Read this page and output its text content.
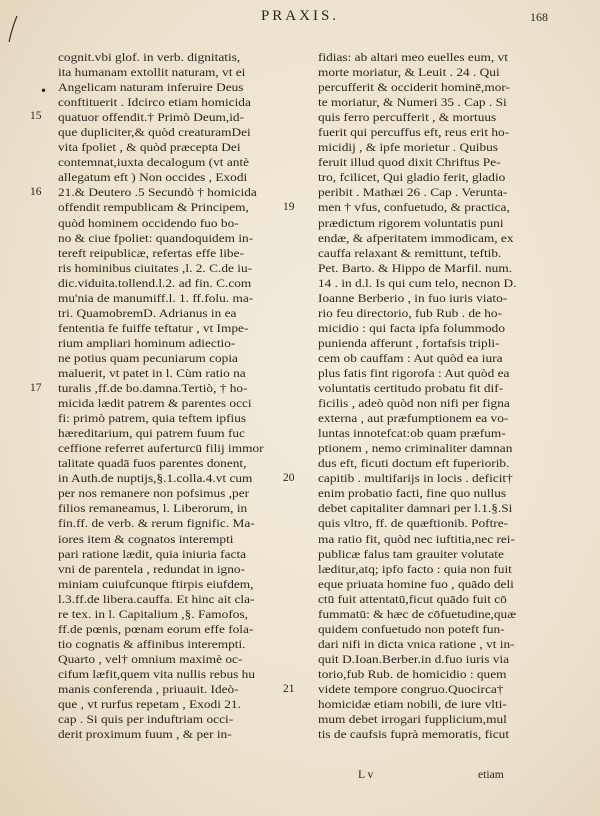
PRAXIS.	168
•
15
16
17
19
20
21
cognit.vbi glof. in verb. dignitatis,
ita humanam extollit naturam, vt ei
Angelicam naturam inferuire Deus
conftituerit . Idcirco etiam homicida
quatuor offendit.† Primò Deum,id-
que dupliciter,& quòd creaturamDei
vita fpoliet , & quòd præcepta Dei
contemnat,iuxta decalogum (vt antè
allegatum eft ) Non occides , Exodi
21.& Deutero .5 Secundò † homicida
offendit rempublicam & Principem,
quòd hominem occidendo fuo bo-
no & ciue fpoliet: quandoquidem in-
tereft reipublicæ, refertas effe libe-
ris hominibus ciuitates ,l. 2. C.de iu-
dic.viduita.tollend.l.2. ad fin. C.com
mu'nia de manumiff.l. 1. ff.folu. ma-
tri. QuamobremD. Adrianus in ea
fententia fe fuiffe teftatur , vt Impe-
rium ampliari hominum adiectio-
ne potius quam pecuniarum copia
maluerit, vt patet in l. Cùm ratio na
turalis ,ff.de bo.damna.Tertiò, † ho-
micida lædit patrem & parentes occi
fi: primò patrem, quia teftem ipfius
hæreditarium, qui patrem fuum fuc
ceffione referret auferturcū filij immor
talitate quadā fuos parentes donent,
in Auth.de nuptijs,§.1.colla.4.vt cum
per nos remanere non pofsimus ,per
filios remaneamus, l. Liberorum, in
fin.ff. de verb. & rerum fignific. Ma-
iores item & cognatos interempti
pari ratione lædit, quia iniuria facta
vni de parentela , redundat in igno-
miniam cuiufcunque ftirpis eiufdem,
l.3.ff.de libera.cauffa. Et hinc ait cla-
re tex. in l. Capitalium ,§. Famofos,
ff.de pœnis, pœnam eorum effe fola-
tio cognatis & affinibus interempti.
Quarto , vel† omnium maximè oc-
cifum læfit,quem vita nullis rebus hu
manis conferenda , priuauit. Ideò-
que , vt rurfus repetam , Exodi 21.
cap . Si quis per induftriam occi-
derit proximum fuum , & per in-
fidias: ab altari meo euelles eum, vt
morte moriatur, & Leuit . 24 . Qui
percufferit & occiderit hominē,mor-
te moriatur, & Numeri 35 . Cap . Si
quis ferro percufferit , & mortuus
fuerit qui percuffus eft, reus erit ho-
micidij , & ipfe morietur . Quibus
feruit illud quod dixit Chriftus Pe-
tro, fcilicet, Qui gladio ferit, gladio
peribit . Mathæi 26 . Cap . Verunta-
men † vfus, confuetudo, & practica,
prædictum rigorem voluntatis puni
endæ, & afperitatem immodicam, ex
cauffa relaxant & remittunt, teftib.
Pet. Barto. & Hippo de Marfil. num.
14 . in d.l. Is qui cum telo, necnon D.
Ioanne Berberio , in fuo iuris viato-
rio feu directorio, fub Rub . de ho-
micidio : qui facta ipfa folummodo
punienda afferunt , fortafsis tripli-
cem ob cauffam : Aut quòd ea iura
plus fatis fint rigorofa : Aut quòd ea
voluntatis certitudo probatu fit dif-
ficilis , adeò quòd non nifi per figna
externa , aut præfumptionem ea vo-
luntas innotefcat:ob quam præfum-
ptionem , nemo criminaliter damnan
dus eft, ficuti doctum eft fuperiorib.
capitib . multifarijs in locis . deficit†
enim probatio facti, fine quo nullus
debet capitaliter damnari per l.1.§.Si
quis vltro, ff. de quæftionib. Poftre-
ma ratio fit, quòd nec iuftitia,nec rei-
publicæ falus tam grauiter volutate
læditur,atq; ipfo facto : quia non fuit
eque priuata homine fuo , quādo deli
ctū fuit attentatū,ficut quādo fuit cō
fummatū: & hæc de cōfuetudine,quæ
quidem confuetudo non poteft fun-
dari nifi in dicta vnica ratione , vt in-
quit D.Ioan.Berber.in d.fuo iuris via
torio,fub Rub. de homicidio : quem
videte tempore congruo.Quocirca†
homicidæ etiam nobili, de iure vlti-
mum debet irrogari fupplicium,mul
tis de caufsis fuprà memoratis, ficut
L v	etiam
